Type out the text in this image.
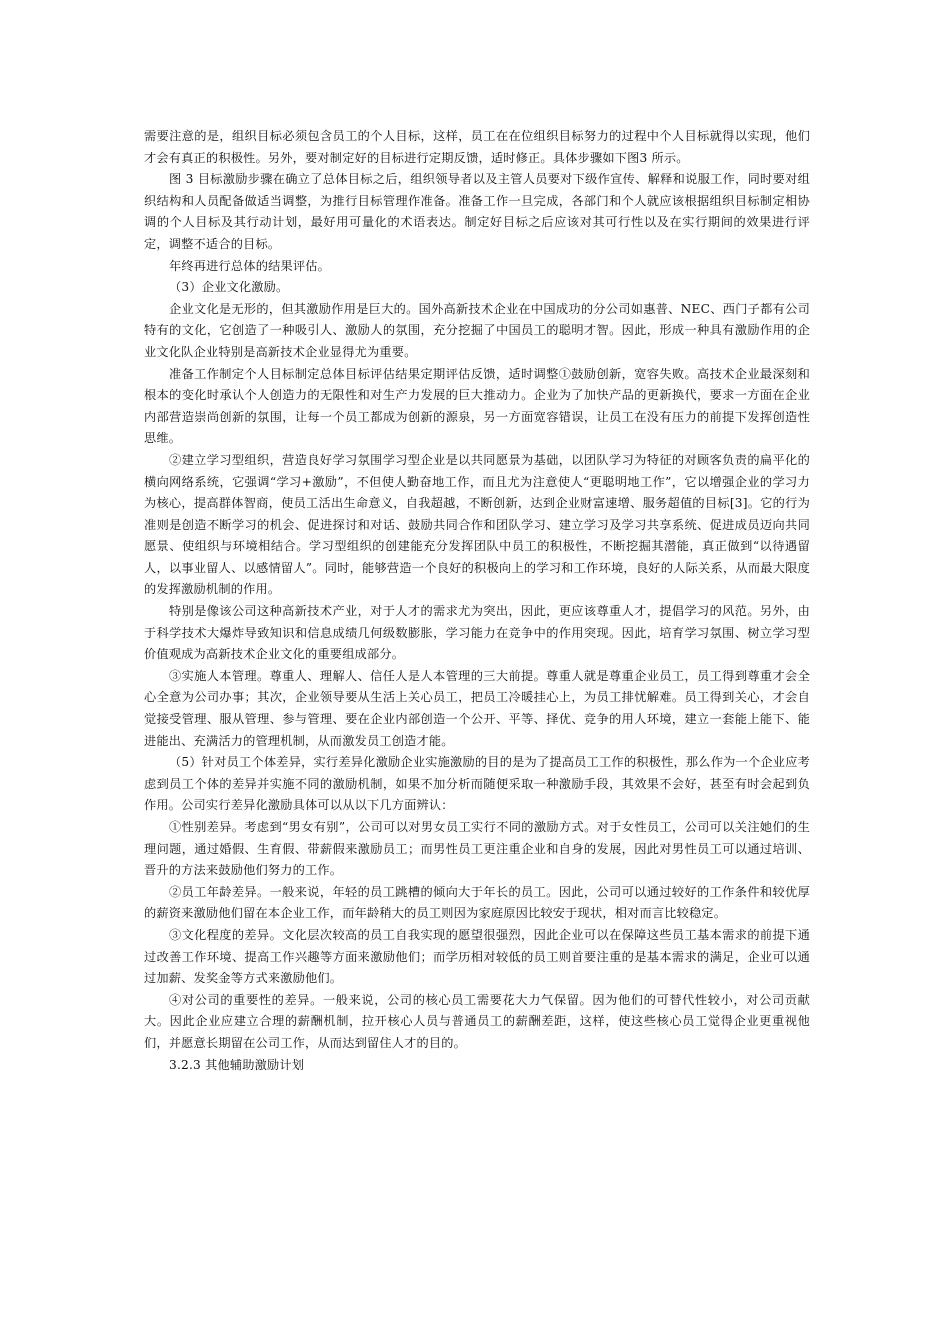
需要注意的是，组织目标必须包含员工的个人目标，这样，员工在在位组织目标努力的过程中个人目标就得以实现，他们才会有真正的积极性。另外，要对制定好的目标进行定期反馈，适时修正。具体步骤如下图3 所示。

图 3 目标激励步骤在确立了总体目标之后，组织领导者以及主管人员要对下级作宣传、解释和说服工作，同时要对组织结构和人员配备做适当调整，为推行目标管理作准备。准备工作一旦完成，各部门和个人就应该根据组织目标制定相协调的个人目标及其行动计划，最好用可量化的术语表达。制定好目标之后应该对其可行性以及在实行期间的效果进行评定，调整不适合的目标。

年终再进行总体的结果评估。

（3）企业文化激励。

企业文化是无形的，但其激励作用是巨大的。国外高新技术企业在中国成功的分公司如惠普、NEC、西门子都有公司特有的文化，它创造了一种吸引人、激励人的氛围，充分挖掘了中国员工的聪明才智。因此，形成一种具有激励作用的企业文化队企业特别是高新技术企业显得尤为重要。

准备工作制定个人目标制定总体目标评估结果定期评估反馈，适时调整①鼓励创新，宽容失败。高技术企业最深刻和根本的变化时承认个人创造力的无限性和对生产力发展的巨大推动力。企业为了加快产品的更新换代，要求一方面在企业内部营造崇尚创新的氛围，让每一个员工都成为创新的源泉，另一方面宽容错误，让员工在没有压力的前提下发挥创造性思维。

②建立学习型组织，营造良好学习氛围学习型企业是以共同愿景为基础，以团队学习为特征的对顾客负责的扁平化的横向网络系统，它强调“学习+激励”，不但使人勤奋地工作，而且尤为注意使人“更聪明地工作”，它以增强企业的学习力为核心，提高群体智商，使员工活出生命意义，自我超越，不断创新，达到企业财富速增、服务超值的目标[3]。它的行为准则是创造不断学习的机会、促进探讨和对话、鼓励共同合作和团队学习、建立学习及学习共享系统、促进成员迈向共同愿景、使组织与环境相结合。学习型组织的创建能充分发挥团队中员工的积极性，不断挖掘其潜能，真正做到“以待遇留人，以事业留人、以感情留人”。同时，能够营造一个良好的积极向上的学习和工作环境，良好的人际关系，从而最大限度的发挥激励机制的作用。

特别是像该公司这种高新技术产业，对于人才的需求尤为突出，因此，更应该尊重人才，提倡学习的风范。另外，由于科学技术大爆炸导致知识和信息成绩几何级数膨胀，学习能力在竞争中的作用突现。因此，培育学习氛围、树立学习型价值观成为高新技术企业文化的重要组成部分。

③实施人本管理。尊重人、理解人、信任人是人本管理的三大前提。尊重人就是尊重企业员工，员工得到尊重才会全心全意为公司办事；其次，企业领导要从生活上关心员工，把员工冷暖挂心上，为员工排忧解难。员工得到关心，才会自觉接受管理、服从管理、参与管理、要在企业内部创造一个公开、平等、择优、竞争的用人环境，建立一套能上能下、能进能出、充满活力的管理机制，从而激发员工创造才能。

（5）针对员工个体差异，实行差异化激励企业实施激励的目的是为了提高员工工作的积极性，那么作为一个企业应考虑到员工个体的差异并实施不同的激励机制，如果不加分析而随便采取一种激励手段，其效果不会好，甚至有时会起到负作用。公司实行差异化激励具体可以从以下几方面辨认：

①性别差异。考虑到“男女有别”，公司可以对男女员工实行不同的激励方式。对于女性员工，公司可以关注她们的生理问题，通过婚假、生育假、带薪假来激励员工；而男性员工更注重企业和自身的发展，因此对男性员工可以通过培训、晋升的方法来鼓励他们努力的工作。

②员工年龄差异。一般来说，年轻的员工跳槽的倾向大于年长的员工。因此，公司可以通过较好的工作条件和较优厚的薪资来激励他们留在本企业工作，而年龄稍大的员工则因为家庭原因比较安于现状，相对而言比较稳定。

③文化程度的差异。文化层次较高的员工自我实现的愿望很强烈，因此企业可以在保障这些员工基本需求的前提下通过改善工作环境、提高工作兴趣等方面来激励他们；而学历相对较低的员工则首要注重的是基本需求的满足，企业可以通过加薪、发奖金等方式来激励他们。

④对公司的重要性的差异。一般来说，公司的核心员工需要花大力气保留。因为他们的可替代性较小，对公司贡献大。因此企业应建立合理的薪酬机制，拉开核心人员与普通员工的薪酬差距，这样，使这些核心员工觉得企业更重视他们，并愿意长期留在公司工作，从而达到留住人才的目的。

3.2.3 其他辅助激励计划
